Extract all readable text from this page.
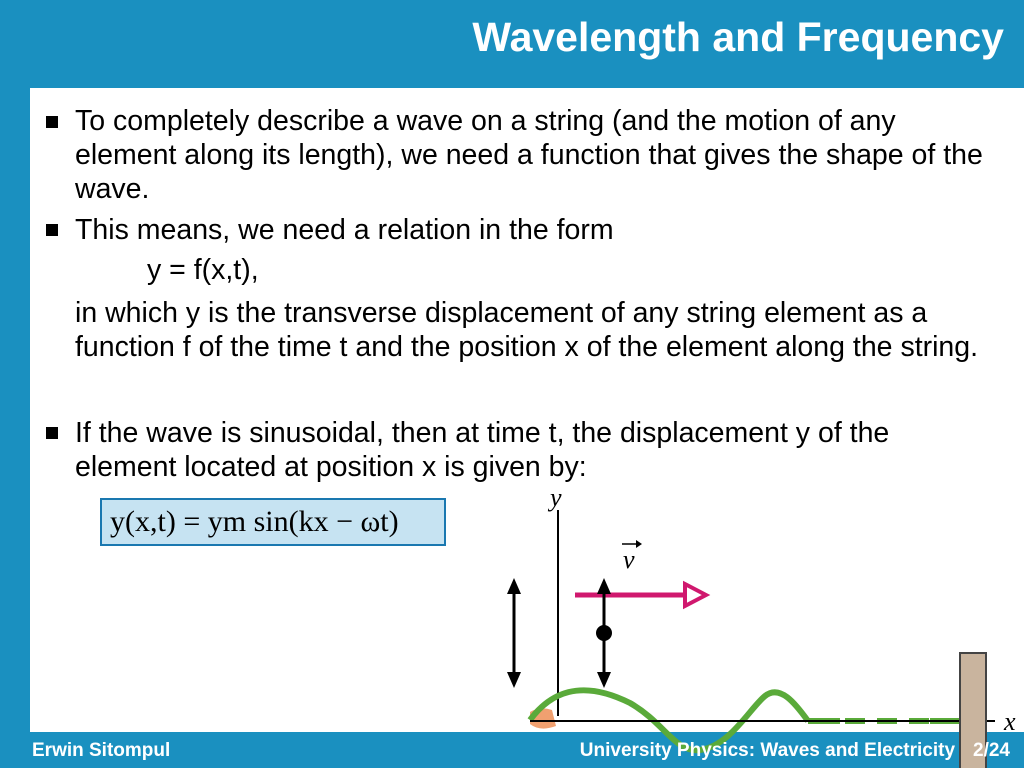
Wavelength and Frequency
To completely describe a wave on a string (and the motion of any element along its length), we need a function that gives the shape of the wave.
This means, we need a relation in the form
y = f(x,t),
in which y is the transverse displacement of any string element as a function f of the time t and the position x of the element along the string.
If the wave is sinusoidal, then at time t, the displacement y of the element located at position x is given by:
y(x,t) = ym sin(kx − ωt)
y
v
x
Erwin Sitompul	University Physics: Waves and Electricity 2/24
